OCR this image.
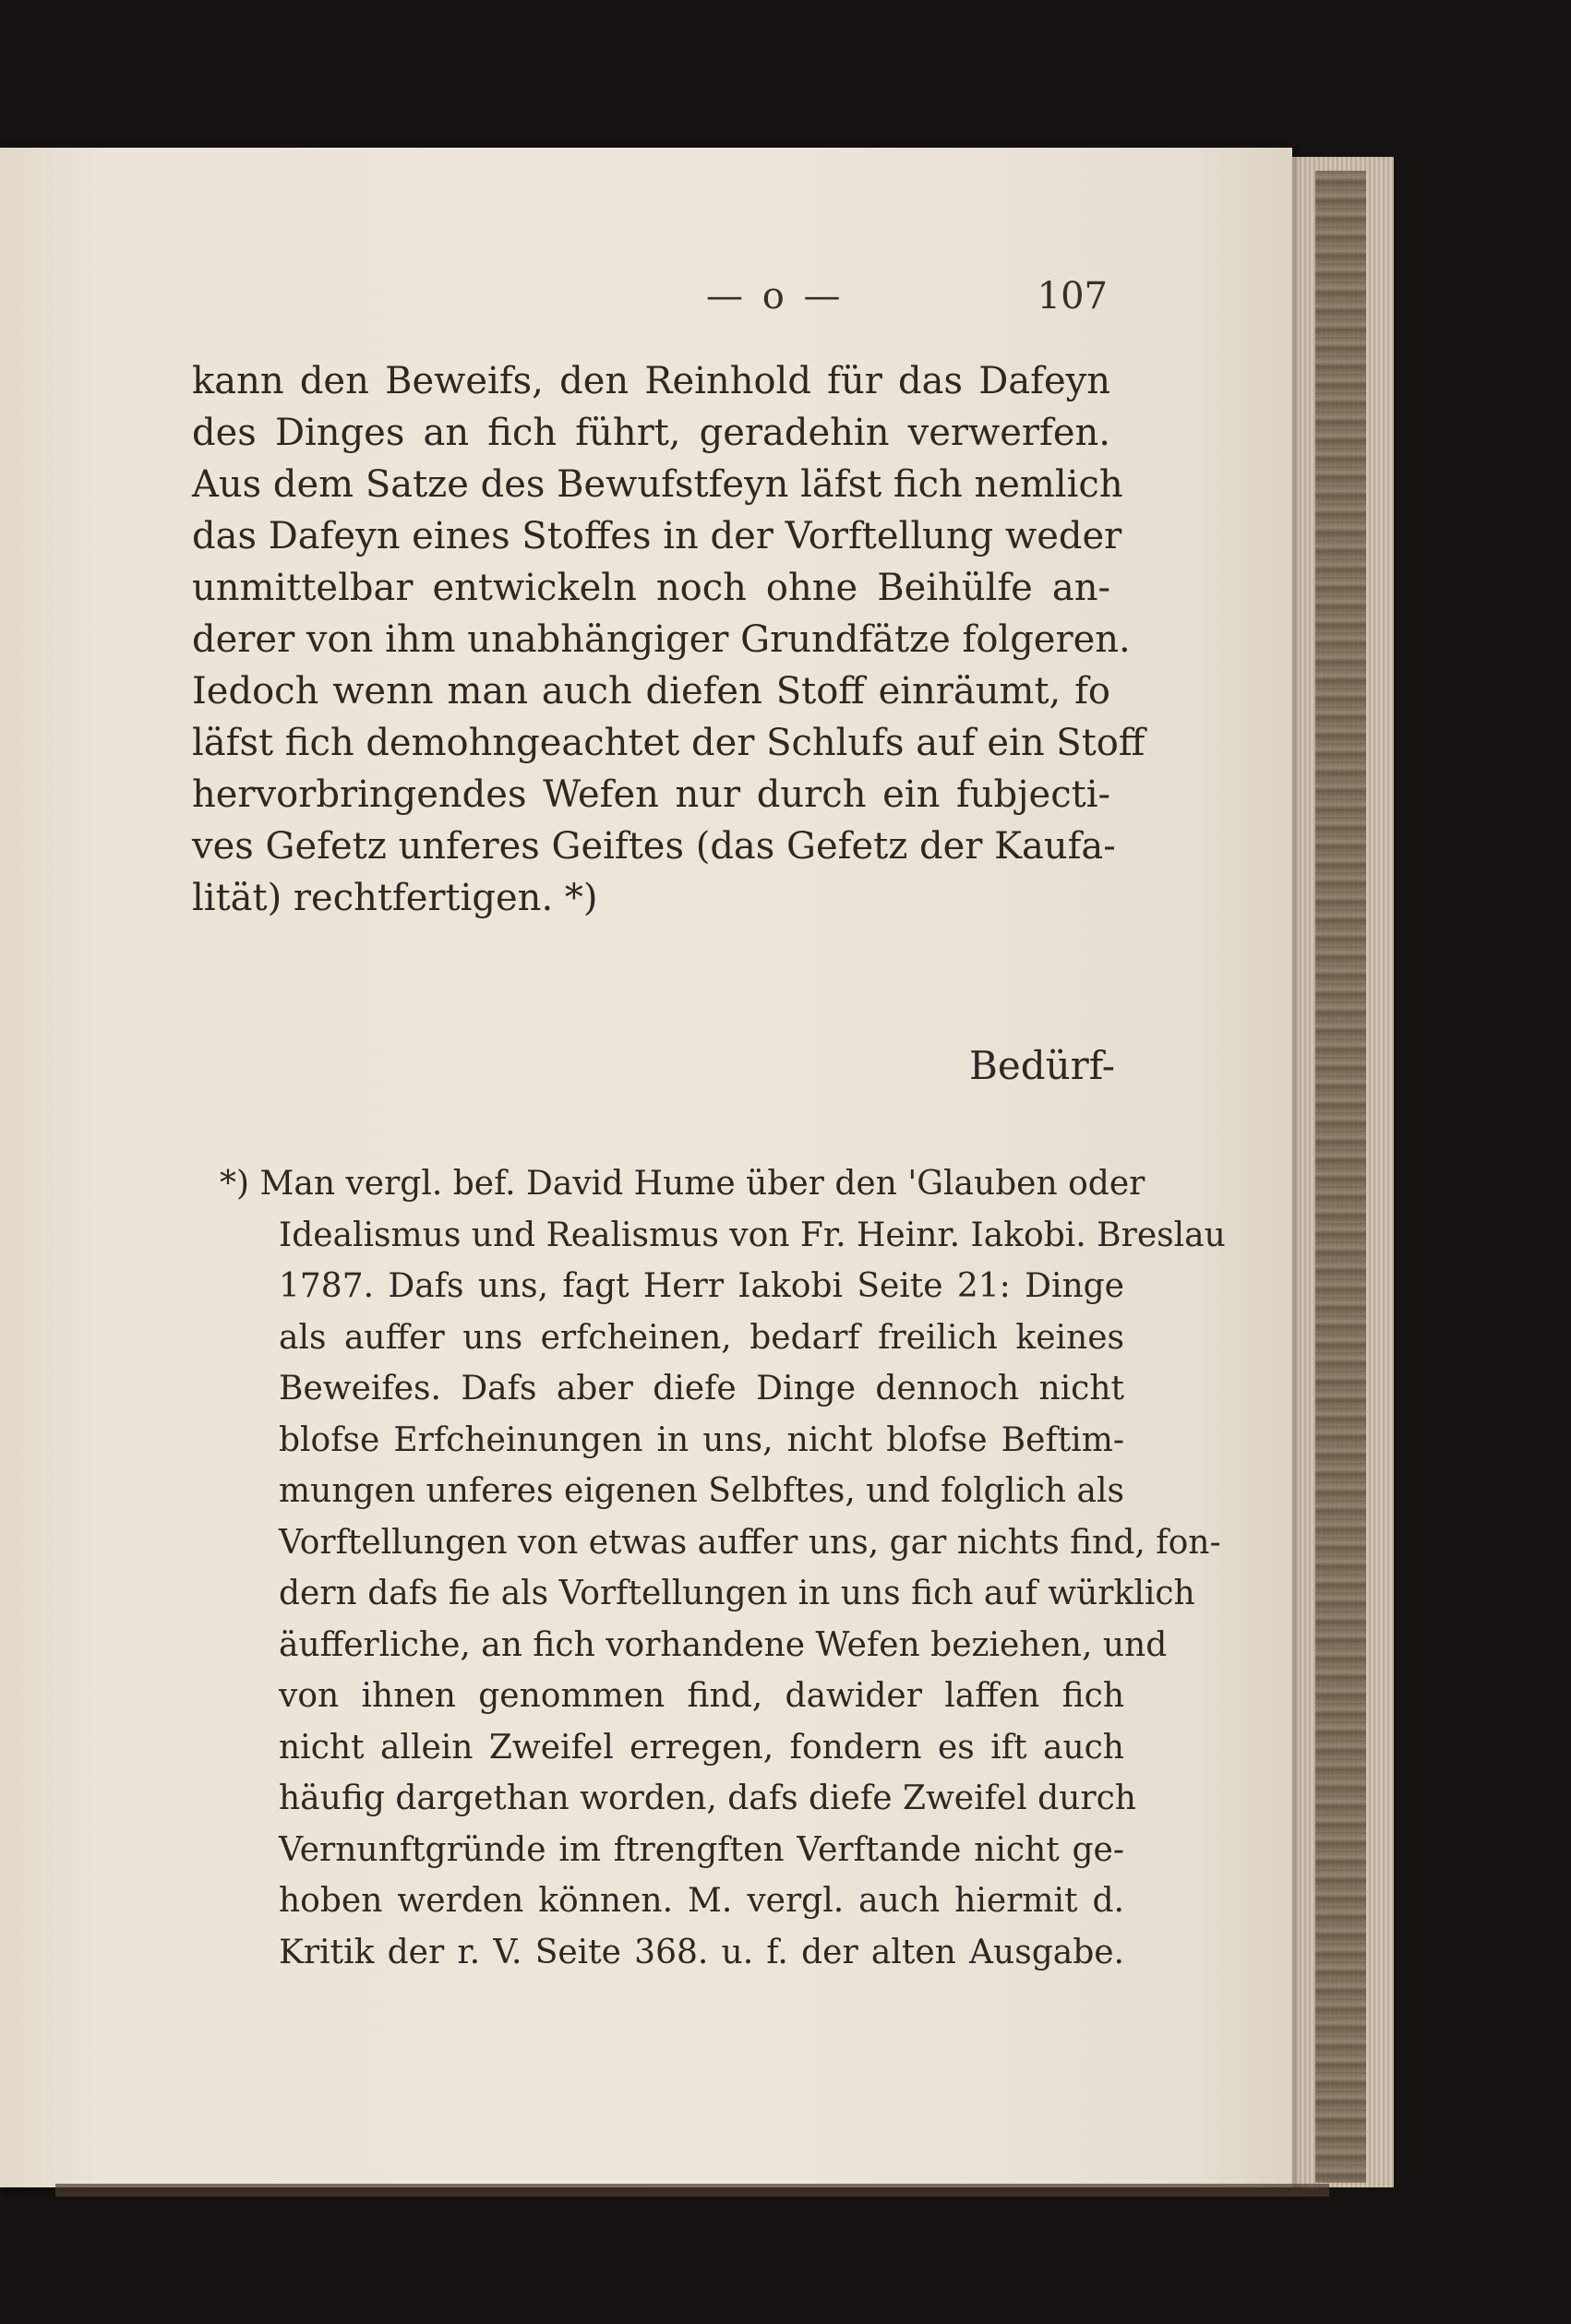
— o —	107
kann den Beweifs, den Reinhold für das Dafeyn
des Dinges an fich führt, geradehin verwerfen.
Aus dem Satze des Bewufstfeyn läfst fich nemlich
das Dafeyn eines Stoffes in der Vorftellung weder
unmittelbar entwickeln noch ohne Beihülfe an-
derer von ihm unabhängiger Grundfätze folgeren.
Iedoch wenn man auch diefen Stoff einräumt, fo
läfst fich demohngeachtet der Schlufs auf ein Stoff
hervorbringendes Wefen nur durch ein fubjecti-
ves Gefetz unferes Geiftes (das Gefetz der Kaufa-
lität) rechtfertigen. *)
Bedürf-
*) Man vergl. bef. David Hume über den 'Glauben oder
Idealismus und Realismus von Fr. Heinr. Iakobi. Breslau
1787. Dafs uns, fagt Herr Iakobi Seite 21: Dinge
als auffer uns erfcheinen, bedarf freilich keines
Beweifes. Dafs aber diefe Dinge dennoch nicht
blofse Erfcheinungen in uns, nicht blofse Beftim-
mungen unferes eigenen Selbftes, und folglich als
Vorftellungen von etwas auffer uns, gar nichts find, fon-
dern dafs fie als Vorftellungen in uns fich auf würklich
äufferliche, an fich vorhandene Wefen beziehen, und
von ihnen genommen find, dawider laffen fich
nicht allein Zweifel erregen, fondern es ift auch
häufig dargethan worden, dafs diefe Zweifel durch
Vernunftgründe im ftrengften Verftande nicht ge-
hoben werden können. M. vergl. auch hiermit d.
Kritik der r. V. Seite 368. u. f. der alten Ausgabe.
